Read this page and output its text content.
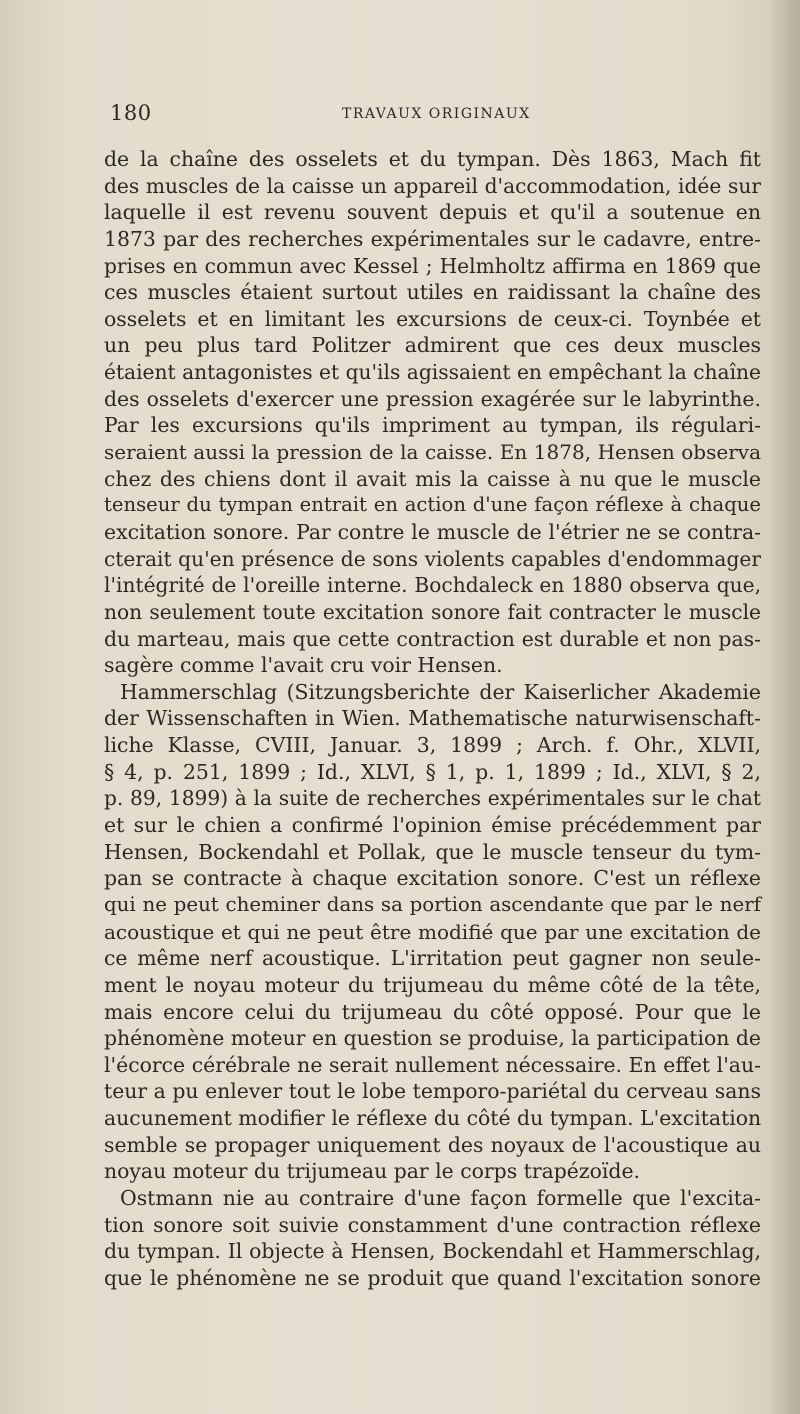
180	TRAVAUX ORIGINAUX
de la chaîne des osselets et du tympan. Dès 1863, Mach fit
des muscles de la caisse un appareil d'accommodation, idée sur
laquelle il est revenu souvent depuis et qu'il a soutenue en
1873 par des recherches expérimentales sur le cadavre, entre-
prises en commun avec Kessel ; Helmholtz affirma en 1869 que
ces muscles étaient surtout utiles en raidissant la chaîne des
osselets et en limitant les excursions de ceux-ci. Toynbée et
un peu plus tard Politzer admirent que ces deux muscles
étaient antagonistes et qu'ils agissaient en empêchant la chaîne
des osselets d'exercer une pression exagérée sur le labyrinthe.
Par les excursions qu'ils impriment au tympan, ils régulari-
seraient aussi la pression de la caisse. En 1878, Hensen observa
chez des chiens dont il avait mis la caisse à nu que le muscle
tenseur du tympan entrait en action d'une façon réflexe à chaque
excitation sonore. Par contre le muscle de l'étrier ne se contra-
cterait qu'en présence de sons violents capables d'endommager
l'intégrité de l'oreille interne. Bochdaleck en 1880 observa que,
non seulement toute excitation sonore fait contracter le muscle
du marteau, mais que cette contraction est durable et non pas-
sagère comme l'avait cru voir Hensen.
Hammerschlag (Sitzungsberichte der Kaiserlicher Akademie
der Wissenschaften in Wien. Mathematische naturwisenschaft-
liche Klasse, CVIII, Januar. 3, 1899 ; Arch. f. Ohr., XLVII,
§ 4, p. 251, 1899 ; Id., XLVI, § 1, p. 1, 1899 ; Id., XLVI, § 2,
p. 89, 1899) à la suite de recherches expérimentales sur le chat
et sur le chien a confirmé l'opinion émise précédemment par
Hensen, Bockendahl et Pollak, que le muscle tenseur du tym-
pan se contracte à chaque excitation sonore. C'est un réflexe
qui ne peut cheminer dans sa portion ascendante que par le nerf
acoustique et qui ne peut être modifié que par une excitation de
ce même nerf acoustique. L'irritation peut gagner non seule-
ment le noyau moteur du trijumeau du même côté de la tête,
mais encore celui du trijumeau du côté opposé. Pour que le
phénomène moteur en question se produise, la participation de
l'écorce cérébrale ne serait nullement nécessaire. En effet l'au-
teur a pu enlever tout le lobe temporo-pariétal du cerveau sans
aucunement modifier le réflexe du côté du tympan. L'excitation
semble se propager uniquement des noyaux de l'acoustique au
noyau moteur du trijumeau par le corps trapézoïde.
Ostmann nie au contraire d'une façon formelle que l'excita-
tion sonore soit suivie constamment d'une contraction réflexe
du tympan. Il objecte à Hensen, Bockendahl et Hammerschlag,
que le phénomène ne se produit que quand l'excitation sonore
